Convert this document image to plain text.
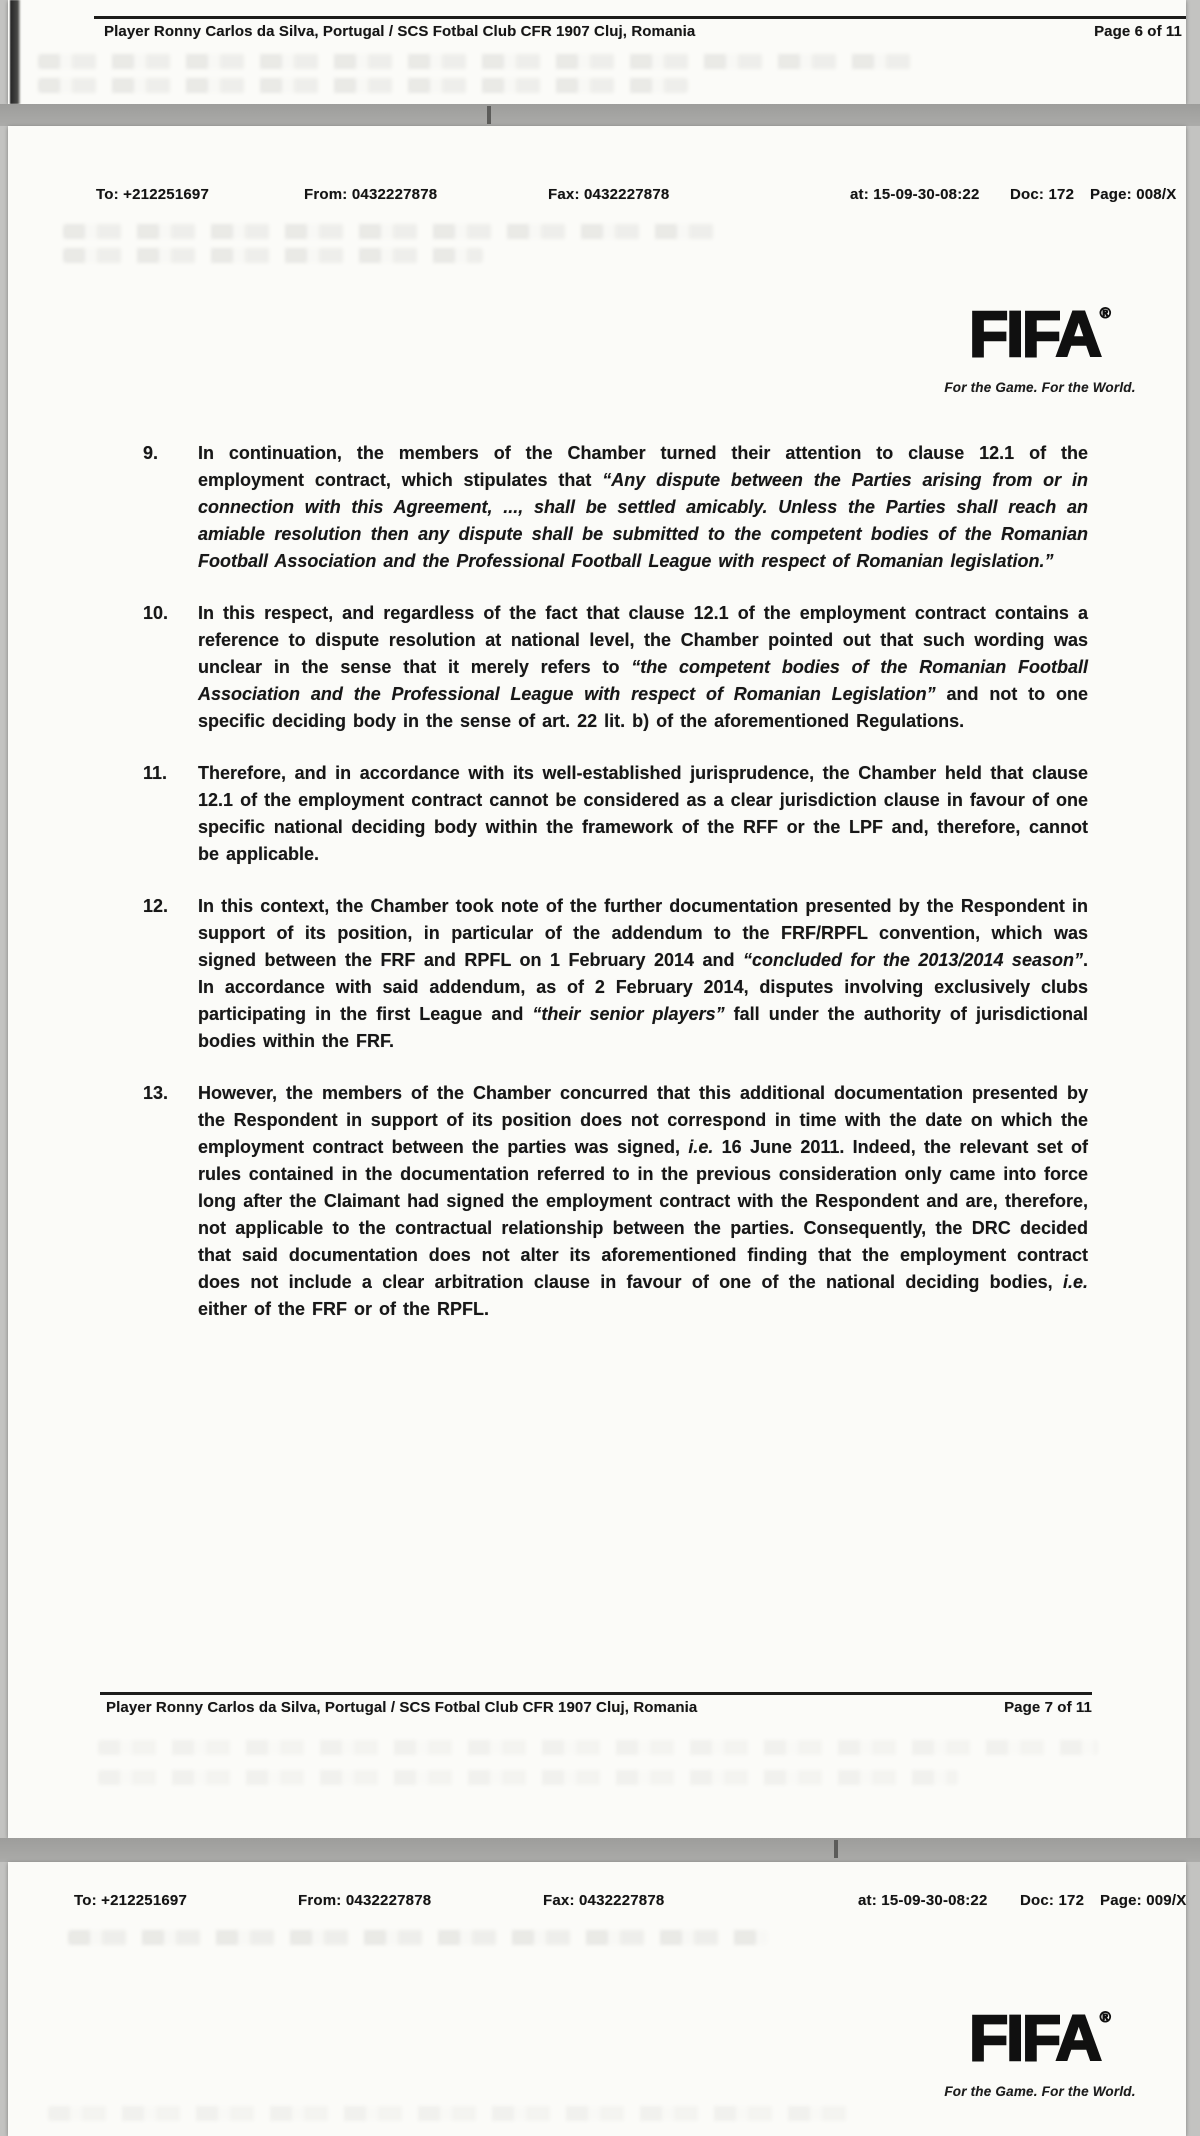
Player Ronny Carlos da Silva, Portugal / SCS Fotbal Club CFR 1907 Cluj, Romania	Page 6 of 11
To: +212251697	From: 0432227878	Fax: 0432227878	at: 15-09-30-08:22 Doc: 172 Page: 008/X
FIFA®
For the Game. For the World.
9.	In continuation, the members of the Chamber turned their attention to clause 12.1 of the employment contract, which stipulates that “Any dispute between the Parties arising from or in connection with this Agreement, ..., shall be settled amicably. Unless the Parties shall reach an amiable resolution then any dispute shall be submitted to the competent bodies of the Romanian Football Association and the Professional Football League with respect of Romanian legislation.”
10.	In this respect, and regardless of the fact that clause 12.1 of the employment contract contains a reference to dispute resolution at national level, the Chamber pointed out that such wording was unclear in the sense that it merely refers to “the competent bodies of the Romanian Football Association and the Professional League with respect of Romanian Legislation” and not to one specific deciding body in the sense of art. 22 lit. b) of the aforementioned Regulations.
11.	Therefore, and in accordance with its well-established jurisprudence, the Chamber held that clause 12.1 of the employment contract cannot be considered as a clear jurisdiction clause in favour of one specific national deciding body within the framework of the RFF or the LPF and, therefore, cannot be applicable.
12.	In this context, the Chamber took note of the further documentation presented by the Respondent in support of its position, in particular of the addendum to the FRF/RPFL convention, which was signed between the FRF and RPFL on 1 February 2014 and “concluded for the 2013/2014 season”. In accordance with said addendum, as of 2 February 2014, disputes involving exclusively clubs participating in the first League and “their senior players” fall under the authority of jurisdictional bodies within the FRF.
13.	However, the members of the Chamber concurred that this additional documentation presented by the Respondent in support of its position does not correspond in time with the date on which the employment contract between the parties was signed, i.e. 16 June 2011. Indeed, the relevant set of rules contained in the documentation referred to in the previous consideration only came into force long after the Claimant had signed the employment contract with the Respondent and are, therefore, not applicable to the contractual relationship between the parties. Consequently, the DRC decided that said documentation does not alter its aforementioned finding that the employment contract does not include a clear arbitration clause in favour of one of the national deciding bodies, i.e. either of the FRF or of the RPFL.
Player Ronny Carlos da Silva, Portugal / SCS Fotbal Club CFR 1907 Cluj, Romania	Page 7 of 11
To: +212251697	From: 0432227878	Fax: 0432227878	at: 15-09-30-08:22 Doc: 172 Page: 009/X
FIFA®
For the Game. For the World.
